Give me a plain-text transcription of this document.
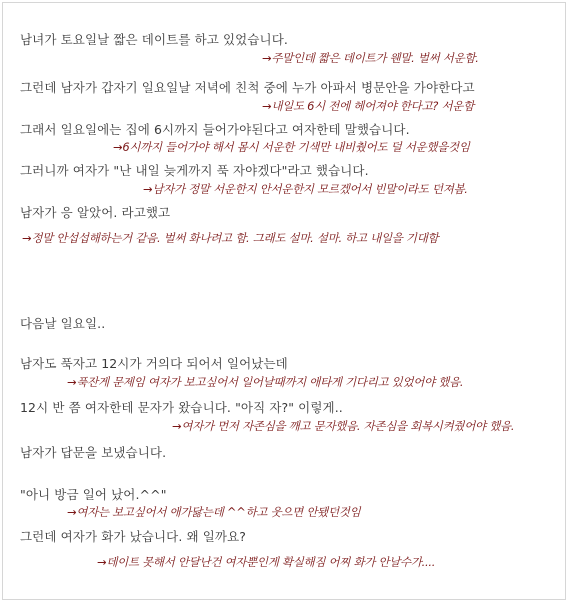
남녀가 토요일날 짧은 데이트를 하고 있었습니다.

그런데 남자가 갑자기 일요일날 저녁에 친척 중에 누가 아파서 병문안을 가야한다고

그래서 일요일에는 집에 6시까지 들어가야된다고 여자한테 말했습니다.

그러니까 여자가 "난 내일 늦게까지 푹 자야겠다"라고 했습니다.

남자가 응 알았어. 라고했고

다음날 일요일..

남자도 푹자고 12시가 거의다 되어서 일어났는데

12시 반 쯤 여자한테 문자가 왔습니다. "아직 자?" 이렇게..

남자가 답문을 보냈습니다.

"아니 방금 일어 났어.^^"

그런데 여자가 화가 났습니다. 왜 일까요?

→주말인데 짧은 데이트가 웬말. 벌써 서운함.

→내일도 6시 전에 헤어져야 한다고? 서운함

→6시까지 들어가야 해서 몸시 서운한 기색만 내비췄어도 덜 서운했을것임

→남자가 정말 서운한지 안서운한지 모르겠어서 빈말이라도 던져봄.

→정말 안섭섭해하는거 같음. 벌써 화나려고 함. 그래도 설마. 설마. 하고 내일을 기대함

→푹잔게 문제임 여자가 보고싶어서 일어날때까지 애타게 기다리고 있었어야 했음.

→여자가 먼저 자존심을 깨고 문자했음. 자존심을 회복시켜줬어야 했음.

→여자는 보고싶어서 애가닳는데 ^^하고 웃으면 안됐던것임

→데이트 못해서 안달난건 여자뿐인게 확실해짐 어찌 화가 안날수가....
